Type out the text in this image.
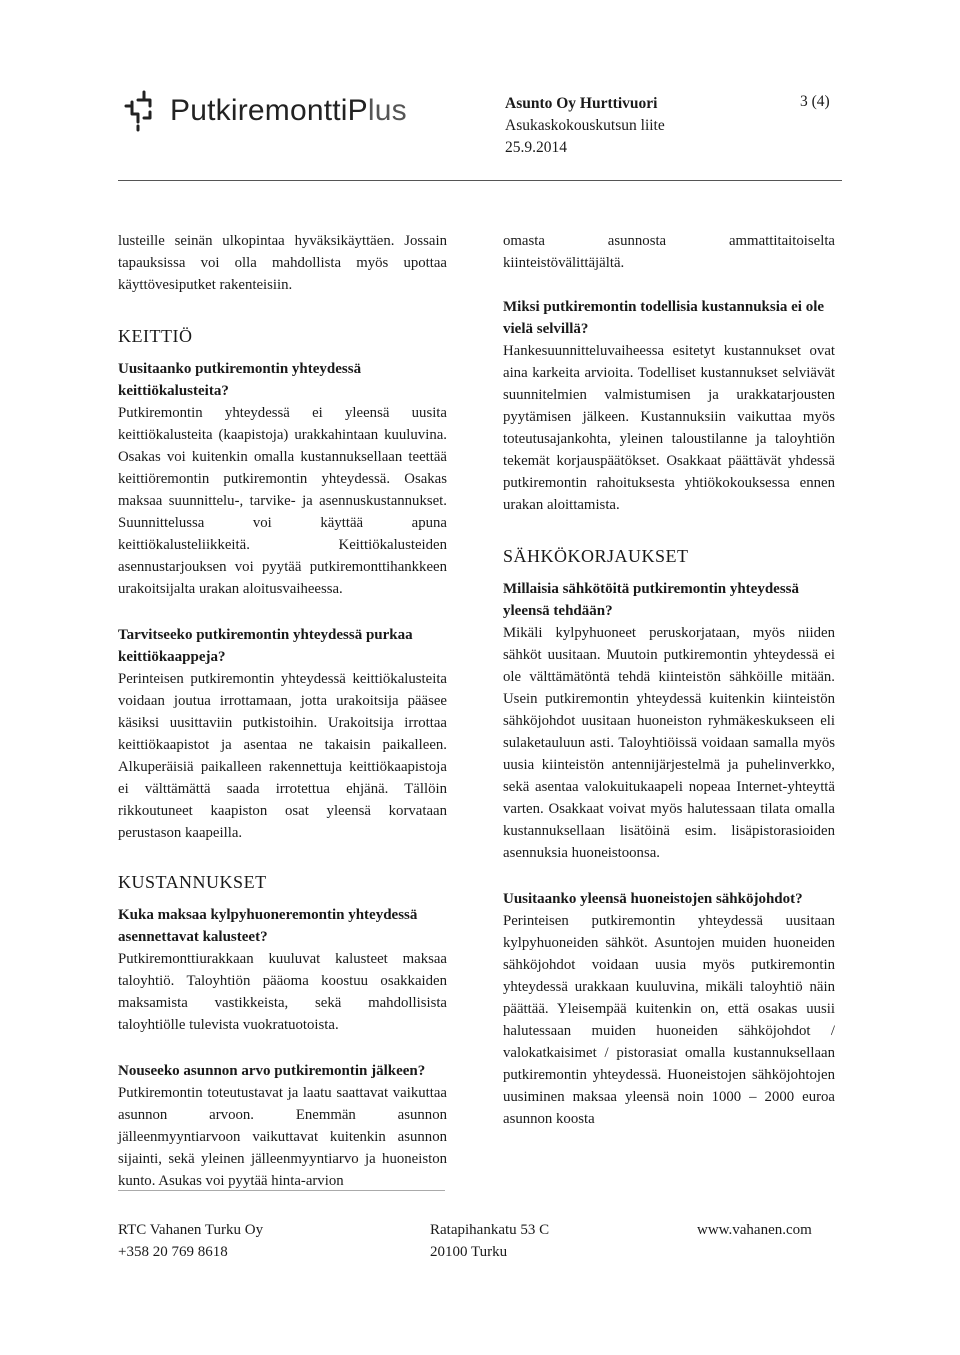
PutkiremonttiPlus	Asunto Oy Hurttivuori
Asukaskokouskutsun liite
25.9.2014
3 (4)

lusteille seinän ulkopintaa hyväksikäyttäen. Jossain tapauksissa voi olla mahdollista myös upottaa käyttövesiputket rakenteisiin.

KEITTIÖ
Uusitaanko putkiremontin yhteydessä keittiökalusteita?

Putkiremontin yhteydessä ei yleensä uusita keittiökalusteita (kaapistoja) urakkahintaan kuuluvina. Osakas voi kuitenkin omalla kustannuksellaan teettää keittiöremontin putkiremontin yhteydessä. Osakas maksaa suunnittelu-, tarvike- ja asennuskustannukset. Suunnittelussa voi käyttää apuna keittiökalusteliikkeitä. Keittiökalusteiden asennustarjouksen voi pyytää putkiremonttihankkeen urakoitsijalta urakan aloitusvaiheessa.

Tarvitseeko putkiremontin yhteydessä purkaa keittiökaappeja?

Perinteisen putkiremontin yhteydessä keittiökalusteita voidaan joutua irrottamaan, jotta urakoitsija pääsee käsiksi uusittaviin putkistoihin. Urakoitsija irrottaa keittiökaapistot ja asentaa ne takaisin paikalleen. Alkuperäisiä paikalleen rakennettuja keittiökaapistoja ei välttämättä saada irrotettua ehjänä. Tällöin rikkoutuneet kaapiston osat yleensä korvataan perustason kaapeilla.

KUSTANNUKSET
Kuka maksaa kylpyhuoneremontin yhteydessä asennettavat kalusteet?

Putkiremonttiurakkaan kuuluvat kalusteet maksaa taloyhtiö. Taloyhtiön pääoma koostuu osakkaiden maksamista vastikkeista, sekä mahdollisista taloyhtiölle tulevista vuokratuotoista.

Nouseeko asunnon arvo putkiremontin jälkeen?

Putkiremontin toteutustavat ja laatu saattavat vaikuttaa asunnon arvoon. Enemmän asunnon jälleenmyyntiarvoon vaikuttavat kuitenkin asunnon sijainti, sekä yleinen jälleenmyyntiarvo ja huoneiston kunto. Asukas voi pyytää hinta-arvion

omasta asunnosta ammattitaitoiselta kiinteistövälittäjältä.

Miksi putkiremontin todellisia kustannuksia ei ole vielä selvillä?

Hankesuunnitteluvaiheessa esitetyt kustannukset ovat aina karkeita arvioita. Todelliset kustannukset selviävät suunnitelmien valmistumisen ja urakkatarjousten pyytämisen jälkeen. Kustannuksiin vaikuttaa myös toteutusajankohta, yleinen taloustilanne ja taloyhtiön tekemät korjauspäätökset. Osakkaat päättävät yhdessä putkiremontin rahoituksesta yhtiökokouksessa ennen urakan aloittamista.

SÄHKÖKORJAUKSET
Millaisia sähkötöitä putkiremontin yhteydessä yleensä tehdään?

Mikäli kylpyhuoneet peruskorjataan, myös niiden sähköt uusitaan. Muutoin putkiremontin yhteydessä ei ole välttämätöntä tehdä kiinteistön sähköille mitään. Usein putkiremontin yhteydessä kuitenkin kiinteistön sähköjohdot uusitaan huoneiston ryhmäkeskukseen eli sulaketauluun asti. Taloyhtiöissä voidaan samalla myös uusia kiinteistön antennijärjestelmä ja puhelinverkko, sekä asentaa valokuitukaapeli nopeaa Internet-yhteyttä varten. Osakkaat voivat myös halutessaan tilata omalla kustannuksellaan lisätöinä esim. lisäpistorasioiden asennuksia huoneistoonsa.

Uusitaanko yleensä huoneistojen sähköjohdot?

Perinteisen putkiremontin yhteydessä uusitaan kylpyhuoneiden sähköt. Asuntojen muiden huoneiden sähköjohdot voidaan uusia myös putkiremontin yhteydessä urakkaan kuuluvina, mikäli taloyhtiö näin päättää. Yleisempää kuitenkin on, että osakas uusii halutessaan muiden huoneiden sähköjohdot / valokatkaisimet / pistorasiat omalla kustannuksellaan putkiremontin yhteydessä. Huoneistojen sähköjohtojen uusiminen maksaa yleensä noin 1000 – 2000 euroa asunnon koosta

RTC Vahanen Turku Oy
+358 20 769 8618
Ratapihankatu 53 C
20100 Turku
www.vahanen.com
